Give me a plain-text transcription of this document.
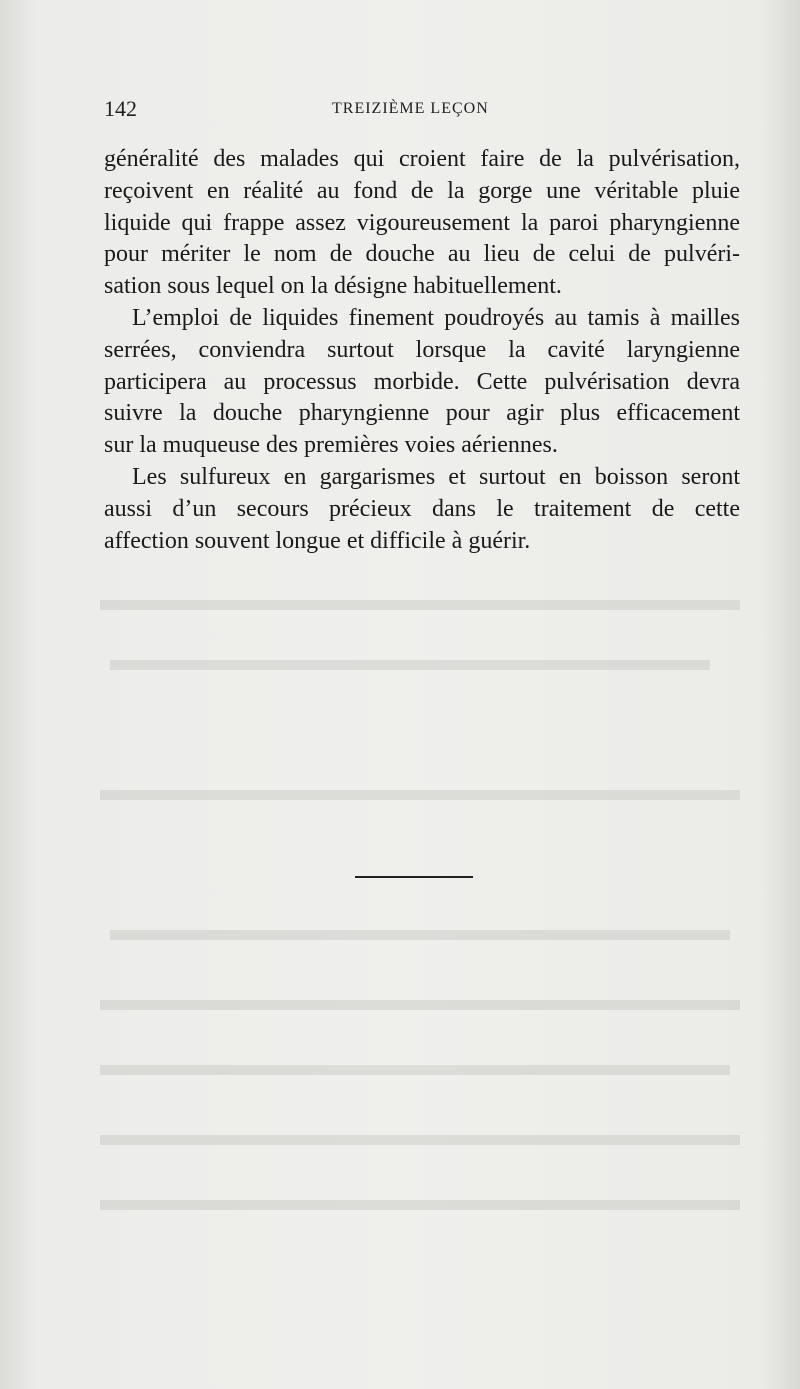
142	TREIZIÈME LEÇON

généralité des malades qui croient faire de la pulvérisation,
reçoivent en réalité au fond de la gorge une véritable pluie
liquide qui frappe assez vigoureusement la paroi pharyngienne
pour mériter le nom de douche au lieu de celui de pulvéri-
sation sous lequel on la désigne habituellement.

L’emploi de liquides finement poudroyés au tamis à mailles
serrées, conviendra surtout lorsque la cavité laryngienne
participera au processus morbide. Cette pulvérisation devra
suivre la douche pharyngienne pour agir plus efficacement
sur la muqueuse des premières voies aériennes.

Les sulfureux en gargarismes et surtout en boisson seront
aussi d’un secours précieux dans le traitement de cette
affection souvent longue et difficile à guérir.
